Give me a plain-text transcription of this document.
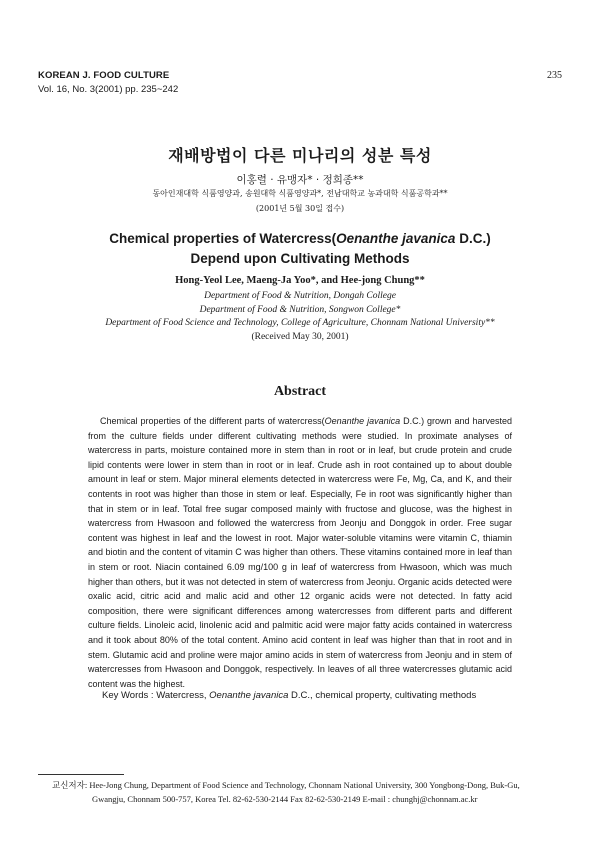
KOREAN J. FOOD CULTURE
Vol. 16, No. 3(2001) pp. 235~242
235
재배방법이 다른 미나리의 성분 특성
이홍렬 · 유맹자* · 정희종**
동아인재대학 식품영양과, 송원대학 식품영양과*, 전남대학교 농과대학 식품공학과**
(2001년 5월 30일 접수)
Chemical properties of Watercress(Oenanthe javanica D.C.)
Depend upon Cultivating Methods
Hong-Yeol Lee, Maeng-Ja Yoo*, and Hee-jong Chung**
Department of Food & Nutrition, Dongah College
Department of Food & Nutrition, Songwon College*
Department of Food Science and Technology, College of Agriculture, Chonnam National University**
(Received May 30, 2001)
Abstract

Chemical properties of the different parts of watercress(Oenanthe javanica D.C.) grown and harvested from the culture fields under different cultivating methods were studied. In proximate analyses of watercress in parts, moisture contained more in stem than in root or in leaf, but crude protein and crude lipid contents were lower in stem than in root or in leaf. Crude ash in root contained up to about double amount in leaf or stem. Major mineral elements detected in watercress were Fe, Mg, Ca, and K, and their contents in root was higher than those in stem or leaf. Especially, Fe in root was significantly higher than that in stem or in leaf. Total free sugar composed mainly with fructose and glucose, was the highest in watercress from Hwasoon and followed the watercress from Jeonju and Donggok in order. Free sugar content was highest in leaf and the lowest in root. Major water-soluble vitamins were vitamin C, thiamin and biotin and the content of vitamin C was higher than others. These vitamins contained more in leaf than in stem or root. Niacin contained 6.09 mg/100 g in leaf of watercress from Hwasoon, which was much higher than others, but it was not detected in stem of watercress from Jeonju. Organic acids detected were oxalic acid, citric acid and malic acid and other 12 organic acids were not detected. In fatty acid composition, there were significant differences among watercresses from different parts and different culture fields. Linoleic acid, linolenic acid and palmitic acid were major fatty acids contained in watercress and it took about 80% of the total content. Amino acid content in leaf was higher than that in root and in stem. Glutamic acid and proline were major amino acids in stem of watercress from Jeonju and in stem of watercresses from Hwasoon and Donggok, respectively. In leaves of all three watercresses glutamic acid content was the highest.

Key Words : Watercress, Oenanthe javanica D.C., chemical property, cultivating methods
교신저자: Hee-Jong Chung, Department of Food Science and Technology, Chonnam National University, 300 Yongbong-Dong, Buk-Gu,
Gwangju, Chonnam 500-757, Korea Tel. 82-62-530-2144 Fax 82-62-530-2149 E-mail : chunghj@chonnam.ac.kr
